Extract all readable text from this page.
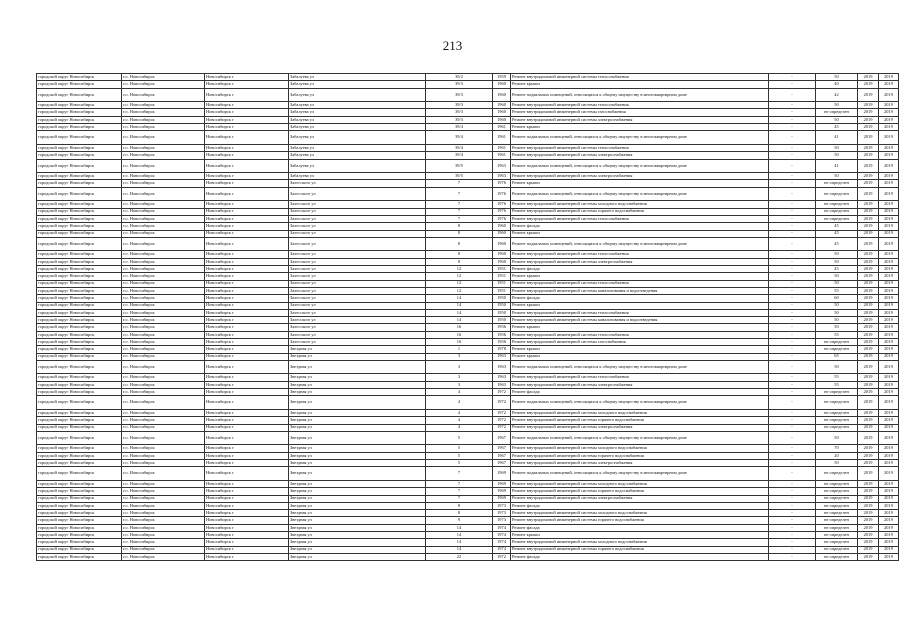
213
городской округ Новосибирск	г.о. Новосибирск	Новосибирск г	Забалуева ул	39/2	1959	Ремонт внутридомовой инженерной системы теплоснабжения	-	50	2019	2019
городской округ Новосибирск	г.о. Новосибирск	Новосибирск г	Забалуева ул	39/3	1960	Ремонт крыши	-	40	2019	2019
городской округ Новосибирск	г.о. Новосибирск	Новосибирск г	Забалуева ул	39/3	1960	Ремонт подвальных помещений, относящихся к общему имуществу в многоквартирном доме	-	42	2019	2019
городской округ Новосибирск	г.о. Новосибирск	Новосибирск г	Забалуева ул	39/3	1960	Ремонт внутридомовой инженерной системы теплоснабжения	-	50	2019	2019
городской округ Новосибирск	г.о. Новосибирск	Новосибирск г	Забалуева ул	39/3	1960	Ремонт внутридомовой инженерной системы газоснабжения	-	не определен	2019	2019
городской округ Новосибирск	г.о. Новосибирск	Новосибирск г	Забалуева ул	39/3	1960	Ремонт внутридомовой инженерной системы электроснабжения	-	50	2019	2019
городской округ Новосибирск	г.о. Новосибирск	Новосибирск г	Забалуева ул	39/4	1961	Ремонт крыши	-	45	2019	2019
городской округ Новосибирск	г.о. Новосибирск	Новосибирск г	Забалуева ул	39/4	1961	Ремонт подвальных помещений, относящихся к общему имуществу в многоквартирном доме	-	41	2019	2019
городской округ Новосибирск	г.о. Новосибирск	Новосибирск г	Забалуева ул	39/4	1961	Ремонт внутридомовой инженерной системы теплоснабжения	-	50	2019	2019
городской округ Новосибирск	г.о. Новосибирск	Новосибирск г	Забалуева ул	39/4	1961	Ремонт внутридомовой инженерной системы электроснабжения	-	50	2019	2019
городской округ Новосибирск	г.о. Новосибирск	Новосибирск г	Забалуева ул	39/5	1963	Ремонт подвальных помещений, относящихся к общему имуществу в многоквартирном доме	-	41	2019	2019
городской округ Новосибирск	г.о. Новосибирск	Новосибирск г	Забалуева ул	39/5	1963	Ремонт внутридомовой инженерной системы электроснабжения	-	50	2019	2019
городской округ Новосибирск	г.о. Новосибирск	Новосибирск г	Залесского ул	7	1976	Ремонт крыши	-	не определен	2019	2019
городской округ Новосибирск	г.о. Новосибирск	Новосибирск г	Залесского ул	7	1976	Ремонт подвальных помещений, относящихся к общему имуществу в многоквартирном доме	-	не определен	2019	2019
городской округ Новосибирск	г.о. Новосибирск	Новосибирск г	Залесского ул	7	1976	Ремонт внутридомовой инженерной системы холодного водоснабжения	-	не определен	2019	2019
городской округ Новосибирск	г.о. Новосибирск	Новосибирск г	Залесского ул	7	1976	Ремонт внутридомовой инженерной системы горячего водоснабжения	-	не определен	2019	2019
городской округ Новосибирск	г.о. Новосибирск	Новосибирск г	Залесского ул	7	1976	Ремонт внутридомовой инженерной системы теплоснабжения	-	не определен	2019	2019
городской округ Новосибирск	г.о. Новосибирск	Новосибирск г	Залесского ул	8	1960	Ремонт фасада	-	45	2019	2019
городской округ Новосибирск	г.о. Новосибирск	Новосибирск г	Залесского ул	8	1960	Ремонт крыши	-	45	2019	2019
городской округ Новосибирск	г.о. Новосибирск	Новосибирск г	Залесского ул	8	1960	Ремонт подвальных помещений, относящихся к общему имуществу в многоквартирном доме	-	45	2019	2019
городской округ Новосибирск	г.о. Новосибирск	Новосибирск г	Залесского ул	8	1960	Ремонт внутридомовой инженерной системы теплоснабжения	-	50	2019	2019
городской округ Новосибирск	г.о. Новосибирск	Новосибирск г	Залесского ул	8	1960	Ремонт внутридомовой инженерной системы электроснабжения	-	50	2019	2019
городской округ Новосибирск	г.о. Новосибирск	Новосибирск г	Залесского ул	12	1951	Ремонт фасада	-	45	2019	2019
городской округ Новосибирск	г.о. Новосибирск	Новосибирск г	Залесского ул	12	1951	Ремонт крыши	-	50	2019	2019
городской округ Новосибирск	г.о. Новосибирск	Новосибирск г	Залесского ул	12	1951	Ремонт внутридомовой инженерной системы теплоснабжения	-	50	2019	2019
городской округ Новосибирск	г.о. Новосибирск	Новосибирск г	Залесского ул	12	1951	Ремонт внутридомовой инженерной системы канализования и водоотведения	-	55	2019	2019
городской округ Новосибирск	г.о. Новосибирск	Новосибирск г	Залесского ул	14	1950	Ремонт фасада	-	60	2019	2019
городской округ Новосибирск	г.о. Новосибирск	Новосибирск г	Залесского ул	14	1950	Ремонт крыши	-	50	2019	2019
городской округ Новосибирск	г.о. Новосибирск	Новосибирск г	Залесского ул	14	1950	Ремонт внутридомовой инженерной системы теплоснабжения	-	50	2019	2019
городской округ Новосибирск	г.о. Новосибирск	Новосибирск г	Залесского ул	14	1950	Ремонт внутридомовой инженерной системы канализования и водоотведения	-	50	2019	2019
городской округ Новосибирск	г.о. Новосибирск	Новосибирск г	Залесского ул	16	1956	Ремонт крыши	-	50	2019	2019
городской округ Новосибирск	г.о. Новосибирск	Новосибирск г	Залесского ул	16	1956	Ремонт внутридомовой инженерной системы теплоснабжения	-	55	2019	2019
городской округ Новосибирск	г.о. Новосибирск	Новосибирск г	Залесского ул	16	1956	Ремонт внутридомовой инженерной системы газоснабжения	-	не определен	2019	2019
городской округ Новосибирск	г.о. Новосибирск	Новосибирск г	Звездная ул	1	1978	Ремонт крыши	-	не определен	2019	2019
городской округ Новосибирск	г.о. Новосибирск	Новосибирск г	Звездная ул	3	1963	Ремонт крыши	-	65	2019	2019
городской округ Новосибирск	г.о. Новосибирск	Новосибирск г	Звездная ул	3	1963	Ремонт подвальных помещений, относящихся к общему имуществу в многоквартирном доме	-	50	2019	2019
городской округ Новосибирск	г.о. Новосибирск	Новосибирск г	Звездная ул	3	1963	Ремонт внутридомовой инженерной системы теплоснабжения	-	55	2019	2019
городской округ Новосибирск	г.о. Новосибирск	Новосибирск г	Звездная ул	3	1963	Ремонт внутридомовой инженерной системы электроснабжения	-	55	2019	2019
городской округ Новосибирск	г.о. Новосибирск	Новосибирск г	Звездная ул	4	1972	Ремонт фасада	-	не определен	2019	2019
городской округ Новосибирск	г.о. Новосибирск	Новосибирск г	Звездная ул	4	1972	Ремонт подвальных помещений, относящихся к общему имуществу в многоквартирном доме	-	не определен	2019	2019
городской округ Новосибирск	г.о. Новосибирск	Новосибирск г	Звездная ул	4	1972	Ремонт внутридомовой инженерной системы холодного водоснабжения	-	не определен	2019	2019
городской округ Новосибирск	г.о. Новосибирск	Новосибирск г	Звездная ул	4	1972	Ремонт внутридомовой инженерной системы горячего водоснабжения	-	не определен	2019	2019
городской округ Новосибирск	г.о. Новосибирск	Новосибирск г	Звездная ул	4	1972	Ремонт внутридомовой инженерной системы электроснабжения	-	не определен	2019	2019
городской округ Новосибирск	г.о. Новосибирск	Новосибирск г	Звездная ул	5	1967	Ремонт подвальных помещений, относящихся к общему имуществу в многоквартирном доме	-	50	2019	2019
городской округ Новосибирск	г.о. Новосибирск	Новосибирск г	Звездная ул	5	1967	Ремонт внутридомовой инженерной системы холодного водоснабжения	-	70	2019	2019
городской округ Новосибирск	г.о. Новосибирск	Новосибирск г	Звездная ул	5	1967	Ремонт внутридомовой инженерной системы горячего водоснабжения	-	20	2019	2019
городской округ Новосибирск	г.о. Новосибирск	Новосибирск г	Звездная ул	5	1967	Ремонт внутридомовой инженерной системы электроснабжения	-	50	2019	2019
городской округ Новосибирск	г.о. Новосибирск	Новосибирск г	Звездная ул	7	1969	Ремонт подвальных помещений, относящихся к общему имуществу в многоквартирном доме	-	не определен	2019	2019
городской округ Новосибирск	г.о. Новосибирск	Новосибирск г	Звездная ул	7	1969	Ремонт внутридомовой инженерной системы холодного водоснабжения	-	не определен	2019	2019
городской округ Новосибирск	г.о. Новосибирск	Новосибирск г	Звездная ул	7	1969	Ремонт внутридомовой инженерной системы горячего водоснабжения	-	не определен	2019	2019
городской округ Новосибирск	г.о. Новосибирск	Новосибирск г	Звездная ул	7	1969	Ремонт внутридомовой инженерной системы электроснабжения	-	не определен	2019	2019
городской округ Новосибирск	г.о. Новосибирск	Новосибирск г	Звездная ул	8	1973	Ремонт фасада	-	не определен	2019	2019
городской округ Новосибирск	г.о. Новосибирск	Новосибирск г	Звездная ул	8	1973	Ремонт внутридомовой инженерной системы холодного водоснабжения	-	не определен	2019	2019
городской округ Новосибирск	г.о. Новосибирск	Новосибирск г	Звездная ул	9	1973	Ремонт внутридомовой инженерной системы горячего водоснабжения	-	не определен	2019	2019
городской округ Новосибирск	г.о. Новосибирск	Новосибирск г	Звездная ул	14	1974	Ремонт фасада	-	не определен	2019	2019
городской округ Новосибирск	г.о. Новосибирск	Новосибирск г	Звездная ул	14	1974	Ремонт крыши	-	не определен	2019	2019
городской округ Новосибирск	г.о. Новосибирск	Новосибирск г	Звездная ул	14	1974	Ремонт внутридомовой инженерной системы холодного водоснабжения	-	не определен	2019	2019
городской округ Новосибирск	г.о. Новосибирск	Новосибирск г	Звездная ул	14	1974	Ремонт внутридомовой инженерной системы горячего водоснабжения	-	не определен	2019	2019
городской округ Новосибирск	г.о. Новосибирск	Новосибирск г	Звездная ул	22	1972	Ремонт фасада	-	не определен	2019	2019
